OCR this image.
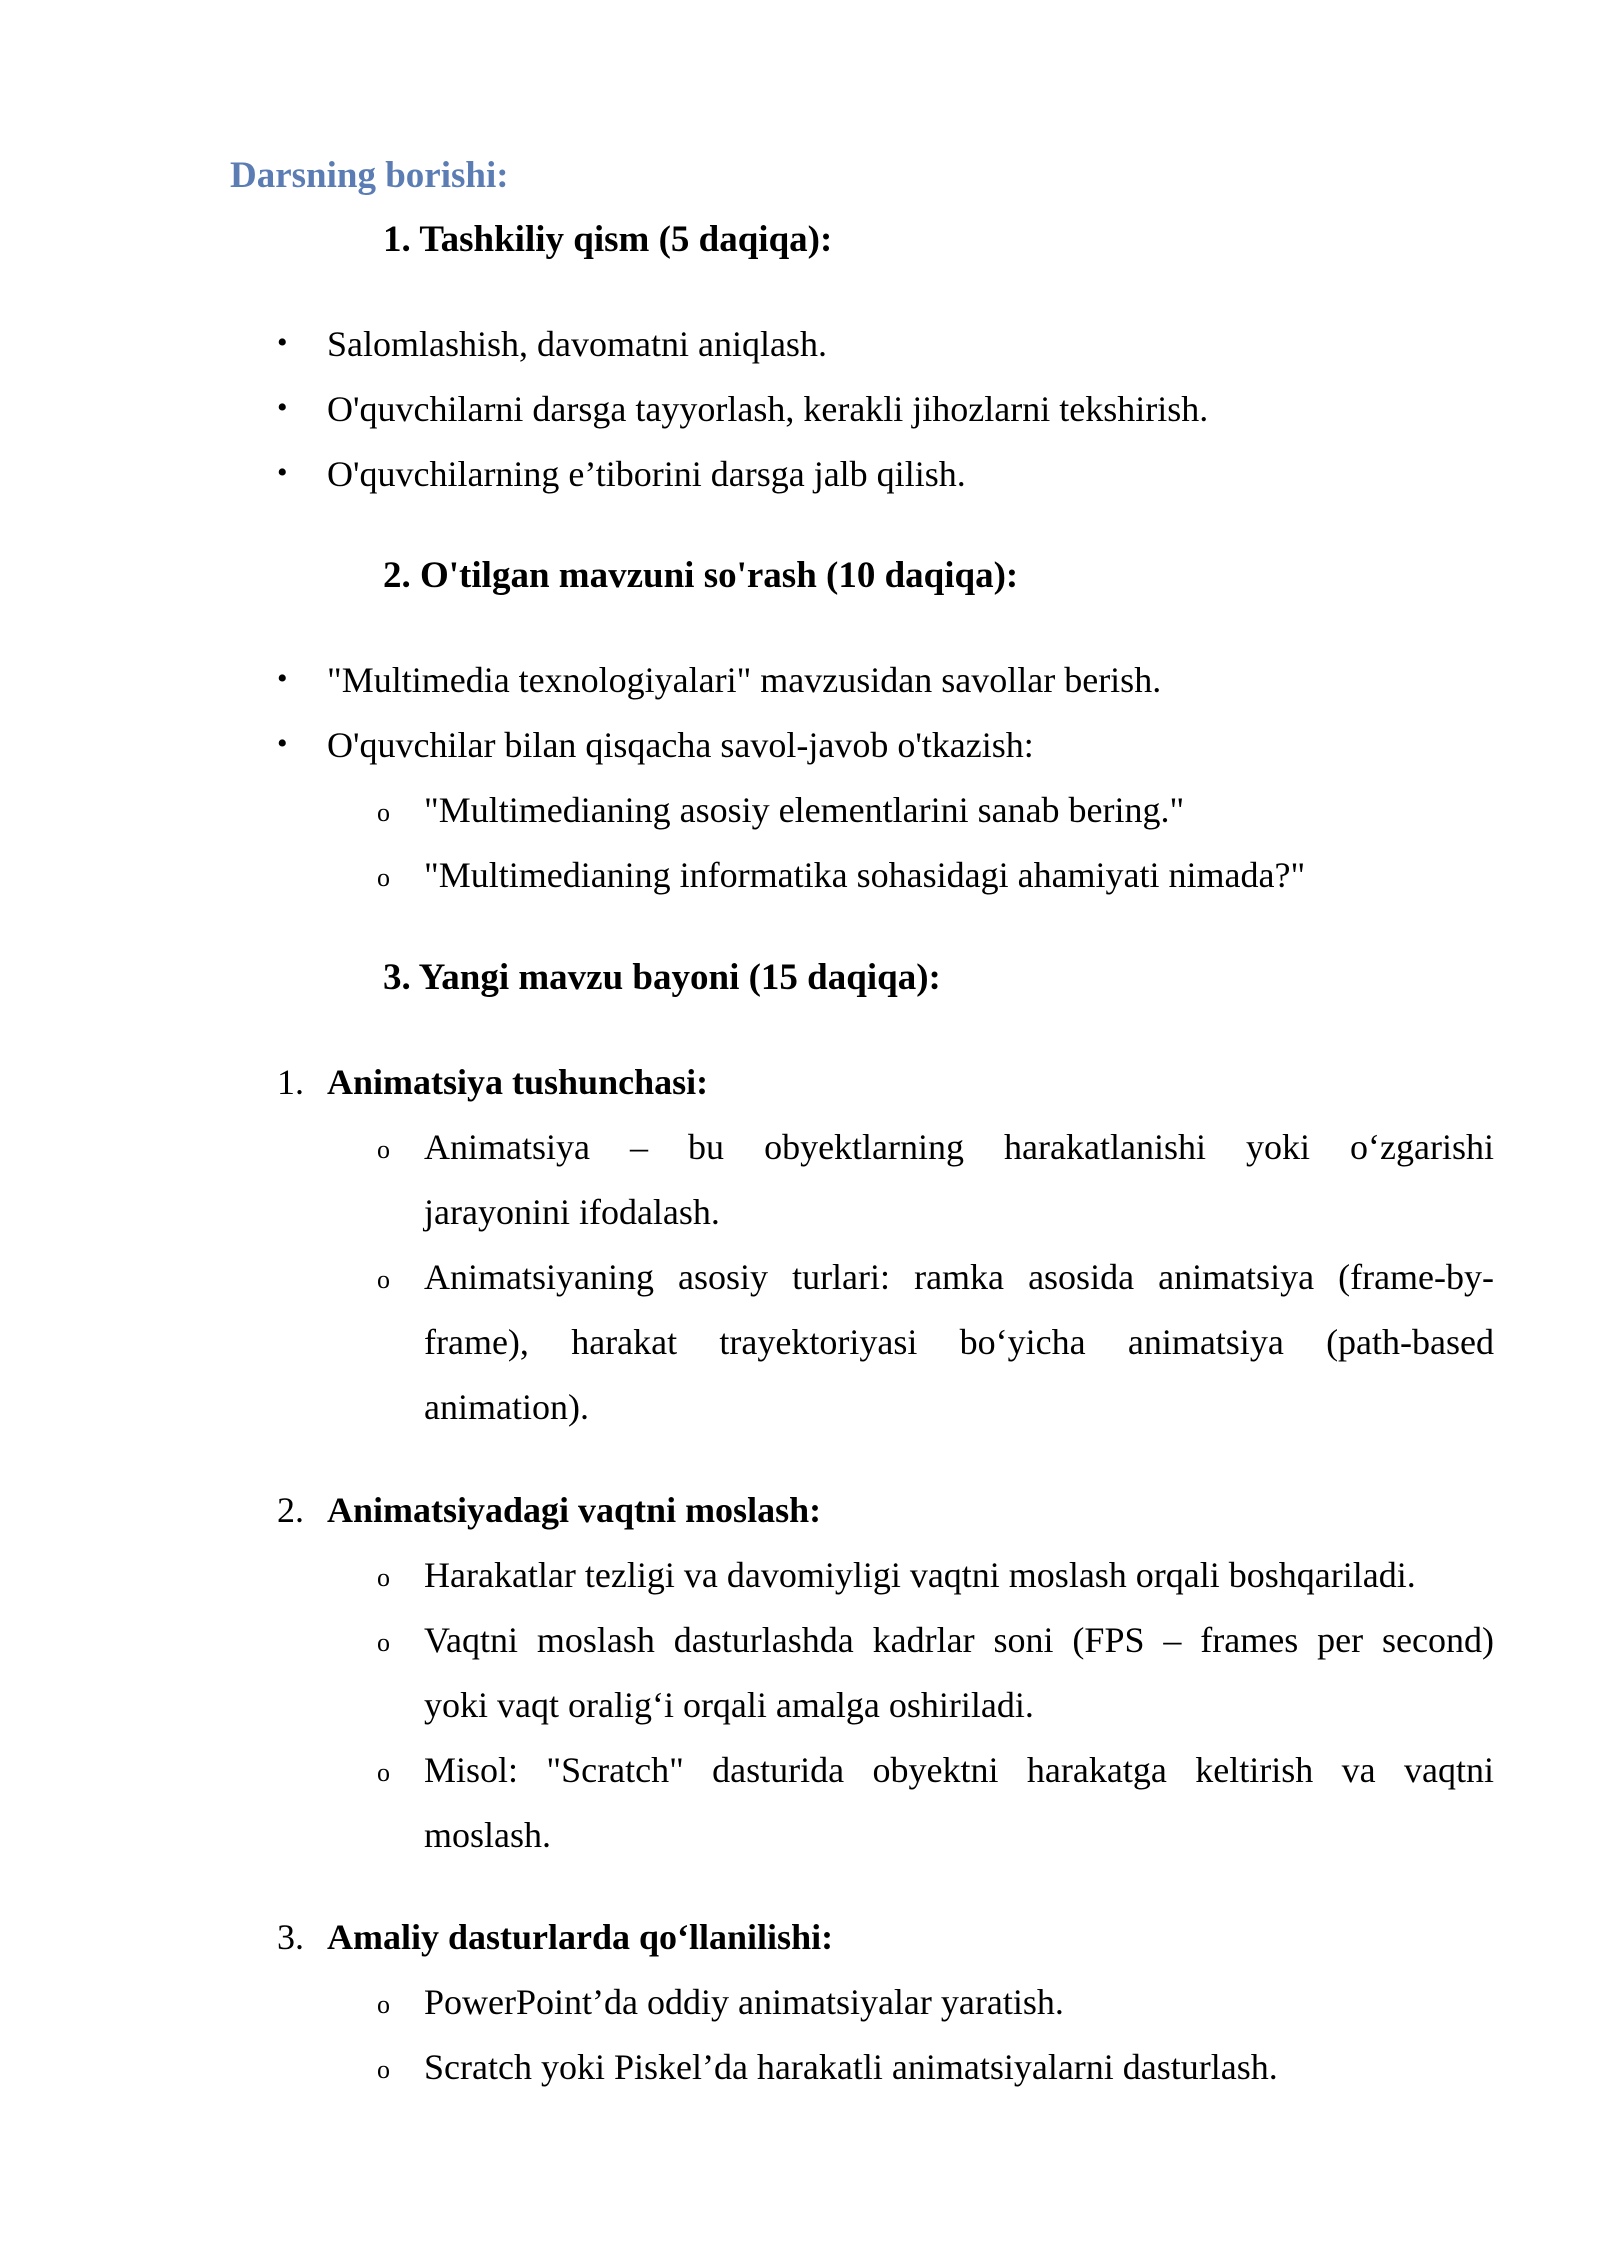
Darsning borishi:
1. Tashkiliy qism (5 daqiqa):
• Salomlashish, davomatni aniqlash.
• O'quvchilarni darsga tayyorlash, kerakli jihozlarni tekshirish.
• O'quvchilarning e’tiborini darsga jalb qilish.
2. O'tilgan mavzuni so'rash (10 daqiqa):
• "Multimedia texnologiyalari" mavzusidan savollar berish.
• O'quvchilar bilan qisqacha savol-javob o'tkazish:
o "Multimedianing asosiy elementlarini sanab bering."
o "Multimedianing informatika sohasidagi ahamiyati nimada?"
3. Yangi mavzu bayoni (15 daqiqa):
1. Animatsiya tushunchasi:
o Animatsiya – bu obyektlarning harakatlanishi yoki o‘zgarishi
jarayonini ifodalash.
o Animatsiyaning asosiy turlari: ramka asosida animatsiya (frame-by-
frame), harakat trayektoriyasi bo‘yicha animatsiya (path-based
animation).
2. Animatsiyadagi vaqtni moslash:
o Harakatlar tezligi va davomiyligi vaqtni moslash orqali boshqariladi.
o Vaqtni moslash dasturlashda kadrlar soni (FPS – frames per second)
yoki vaqt oralig‘i orqali amalga oshiriladi.
o Misol: "Scratch" dasturida obyektni harakatga keltirish va vaqtni
moslash.
3. Amaliy dasturlarda qo‘llanilishi:
o PowerPoint’da oddiy animatsiyalar yaratish.
o Scratch yoki Piskel’da harakatli animatsiyalarni dasturlash.
